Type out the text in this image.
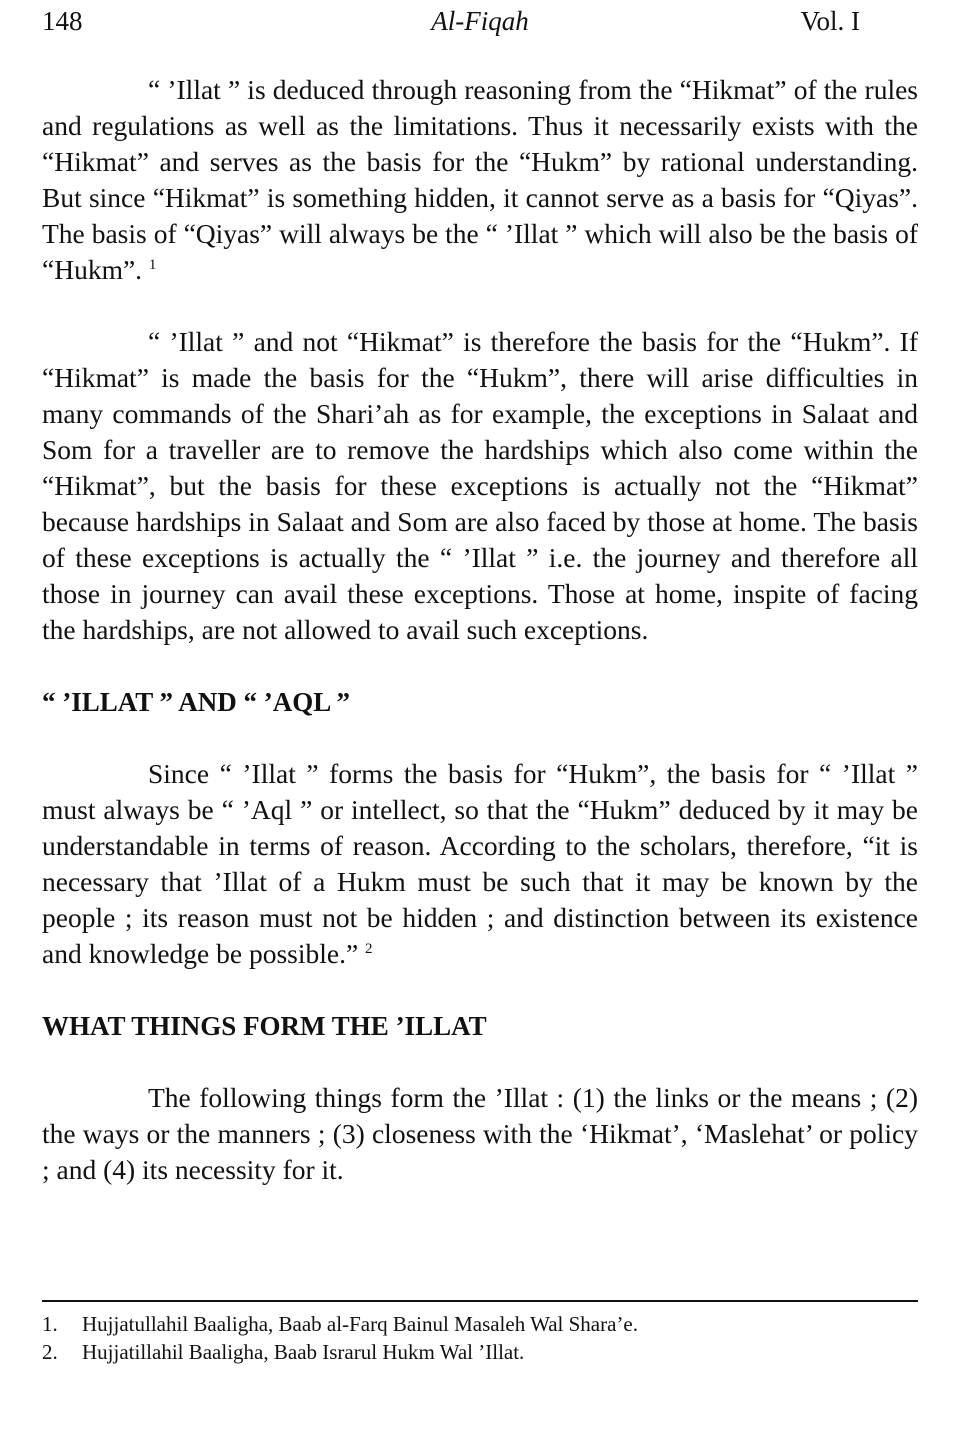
148	Al-Fiqah	Vol. I

“ ’Illat ” is deduced through reasoning from the “Hikmat” of the rules and regulations as well as the limitations. Thus it necessarily exists with the “Hikmat” and serves as the basis for the “Hukm” by rational understanding. But since “Hikmat” is something hidden, it cannot serve as a basis for “Qiyas”. The basis of “Qiyas” will always be the “ ’Illat ” which will also be the basis of “Hukm”. $^1$

“ ’Illat ” and not “Hikmat” is therefore the basis for the “Hukm”. If “Hikmat” is made the basis for the “Hukm”, there will arise difficulties in many commands of the Shari’ah as for example, the exceptions in Salaat and Som for a traveller are to remove the hardships which also come within the “Hikmat”, but the basis for these exceptions is actually not the “Hikmat” because hardships in Salaat and Som are also faced by those at home. The basis of these exceptions is actually the “ ’Illat ” i.e. the journey and therefore all those in journey can avail these exceptions. Those at home, inspite of facing the hardships, are not allowed to avail such exceptions.

“ ’ILLAT ” AND “ ’AQL ”

Since “ ’Illat ” forms the basis for “Hukm”, the basis for “ ’Illat ” must always be “ ’Aql ” or intellect, so that the “Hukm” deduced by it may be understandable in terms of reason. According to the scholars, therefore, “it is necessary that ’Illat of a Hukm must be such that it may be known by the people ; its reason must not be hidden ; and distinction between its existence and knowledge be possible.” $^2$

WHAT THINGS FORM THE ’ILLAT

The following things form the ’Illat : (1) the links or the means ; (2) the ways or the manners ; (3) closeness with the ‘Hikmat’, ‘Maslehat’ or policy ; and (4) its necessity for it.

1.	Hujjatullahil Baaligha, Baab al-Farq Bainul Masaleh Wal Shara’e.
2.	Hujjatillahil Baaligha, Baab Israrul Hukm Wal ’Illat.
